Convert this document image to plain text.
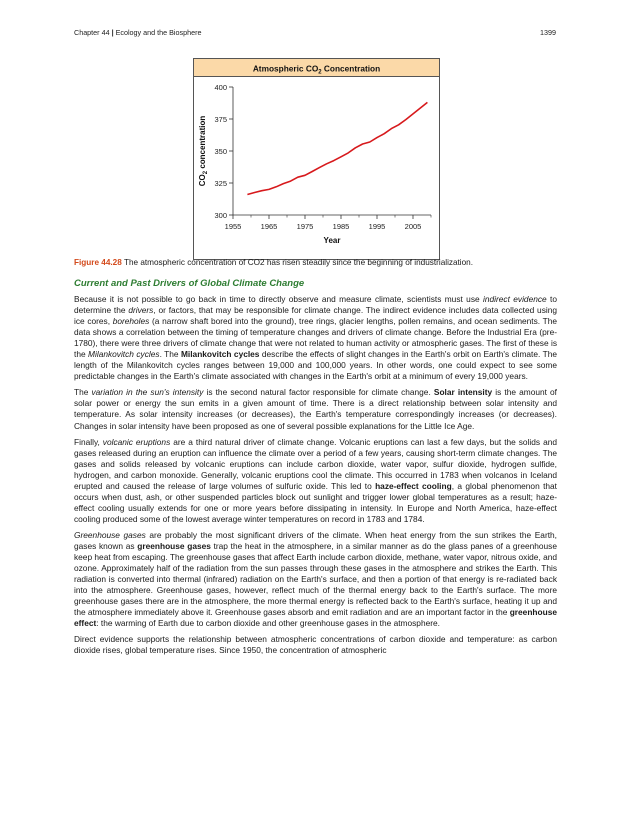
Chapter 44 | Ecology and the Biosphere	1399
Atmospheric $CO_2$ Concentration
300
325
350
375
400
1955	1965	1975	1985	1995	2005
Year
$CO_2$ concentration
Figure 44.28 The atmospheric concentration of CO2 has risen steadily since the beginning of industrialization.
Current and Past Drivers of Global Climate Change

Because it is not possible to go back in time to directly observe and measure climate, scientists must use indirect evidence to determine the drivers, or factors, that may be responsible for climate change. The indirect evidence includes data collected using ice cores, boreholes (a narrow shaft bored into the ground), tree rings, glacier lengths, pollen remains, and ocean sediments. The data shows a correlation between the timing of temperature changes and drivers of climate change. Before the Industrial Era (pre-1780), there were three drivers of climate change that were not related to human activity or atmospheric gases. The first of these is the Milankovitch cycles. The Milankovitch cycles describe the effects of slight changes in the Earth's orbit on Earth's climate. The length of the Milankovitch cycles ranges between 19,000 and 100,000 years. In other words, one could expect to see some predictable changes in the Earth's climate associated with changes in the Earth's orbit at a minimum of every 19,000 years.

The variation in the sun's intensity is the second natural factor responsible for climate change. Solar intensity is the amount of solar power or energy the sun emits in a given amount of time. There is a direct relationship between solar intensity and temperature. As solar intensity increases (or decreases), the Earth's temperature correspondingly increases (or decreases). Changes in solar intensity have been proposed as one of several possible explanations for the Little Ice Age.

Finally, volcanic eruptions are a third natural driver of climate change. Volcanic eruptions can last a few days, but the solids and gases released during an eruption can influence the climate over a period of a few years, causing short-term climate changes. The gases and solids released by volcanic eruptions can include carbon dioxide, water vapor, sulfur dioxide, hydrogen sulfide, hydrogen, and carbon monoxide. Generally, volcanic eruptions cool the climate. This occurred in 1783 when volcanos in Iceland erupted and caused the release of large volumes of sulfuric oxide. This led to haze-effect cooling, a global phenomenon that occurs when dust, ash, or other suspended particles block out sunlight and trigger lower global temperatures as a result; haze-effect cooling usually extends for one or more years before dissipating in intensity. In Europe and North America, haze-effect cooling produced some of the lowest average winter temperatures on record in 1783 and 1784.

Greenhouse gases are probably the most significant drivers of the climate. When heat energy from the sun strikes the Earth, gases known as greenhouse gases trap the heat in the atmosphere, in a similar manner as do the glass panes of a greenhouse keep heat from escaping. The greenhouse gases that affect Earth include carbon dioxide, methane, water vapor, nitrous oxide, and ozone. Approximately half of the radiation from the sun passes through these gases in the atmosphere and strikes the Earth. This radiation is converted into thermal (infrared) radiation on the Earth's surface, and then a portion of that energy is re-radiated back into the atmosphere. Greenhouse gases, however, reflect much of the thermal energy back to the Earth's surface. The more greenhouse gases there are in the atmosphere, the more thermal energy is reflected back to the Earth's surface, heating it up and the atmosphere immediately above it. Greenhouse gases absorb and emit radiation and are an important factor in the greenhouse effect: the warming of Earth due to carbon dioxide and other greenhouse gases in the atmosphere.

Direct evidence supports the relationship between atmospheric concentrations of carbon dioxide and temperature: as carbon dioxide rises, global temperature rises. Since 1950, the concentration of atmospheric
